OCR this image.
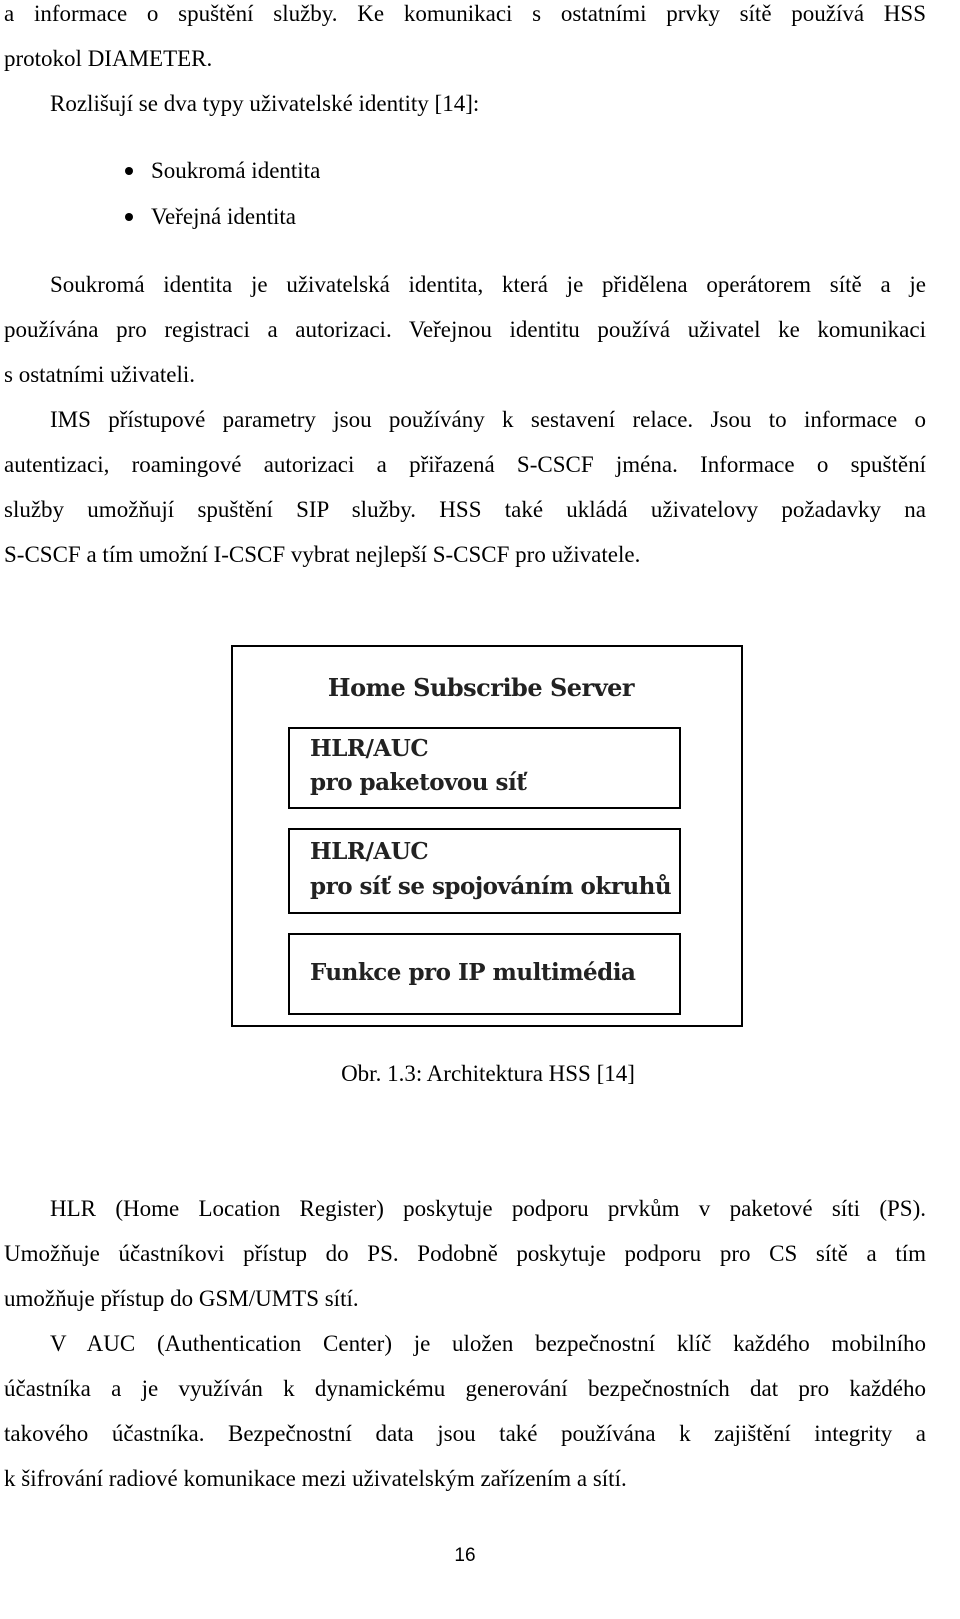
a informace o spuštění služby. Ke komunikaci s ostatními prvky sítě používá HSS
protokol DIAMETER.
Rozlišují se dva typy uživatelské identity [14]:
Soukromá identita
Veřejná identita
Soukromá identita je uživatelská identita, která je přidělena operátorem sítě a je
používána pro registraci a autorizaci. Veřejnou identitu používá uživatel ke komunikaci
s ostatními uživateli.
IMS přístupové parametry jsou používány k sestavení relace. Jsou to informace o
autentizaci, roamingové autorizaci a přiřazená S-CSCF jména. Informace o spuštění
služby umožňují spuštění SIP služby. HSS také ukládá uživatelovy požadavky na
S-CSCF a tím umožní I-CSCF vybrat nejlepší S-CSCF pro uživatele.
Home Subscribe Server
HLR/AUC
pro paketovou síť
HLR/AUC
pro síť se spojováním okruhů
Funkce pro IP multimédia
Obr. 1.3: Architektura HSS [14]
HLR (Home Location Register) poskytuje podporu prvkům v paketové síti (PS).
Umožňuje účastníkovi přístup do PS. Podobně poskytuje podporu pro CS sítě a tím
umožňuje přístup do GSM/UMTS sítí.
V AUC (Authentication Center) je uložen bezpečnostní klíč každého mobilního
účastníka a je využíván k dynamickému generování bezpečnostních dat pro každého
takového účastníka. Bezpečnostní data jsou také používána k zajištění integrity a
k šifrování radiové komunikace mezi uživatelským zařízením a sítí.
16
